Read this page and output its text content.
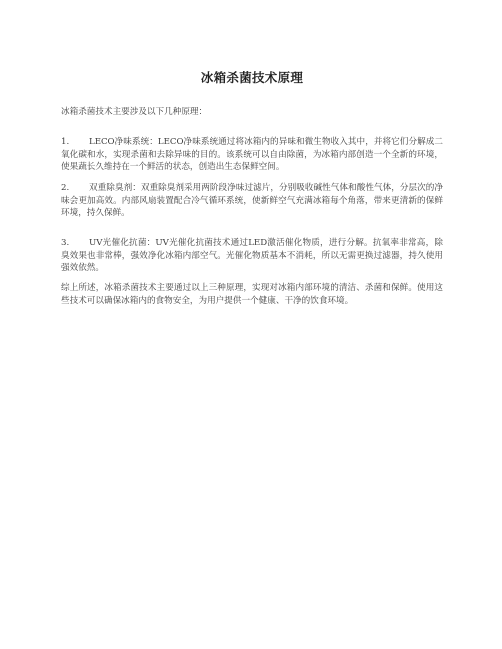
冰箱杀菌技术原理

冰箱杀菌技术主要涉及以下几种原理：

1. LECO净味系统：LECO净味系统通过将冰箱内的异味和微生物收入其中，并将它们分解成二氧化碳和水，实现杀菌和去除异味的目的。该系统可以自由除菌，为冰箱内部创造一个全新的环境，使果蔬长久维持在一个鲜活的状态，创造出生态保鲜空间。

2. 双重除臭剂：双重除臭剂采用两阶段净味过滤片，分别吸收碱性气体和酸性气体，分层次的净味会更加高效。内部风扇装置配合冷气循环系统，使新鲜空气充满冰箱每个角落，带来更清新的保鲜环境，持久保鲜。

3. UV光催化抗菌：UV光催化抗菌技术通过LED激活催化物质，进行分解。抗氧率非常高，除臭效果也非常棒，强效净化冰箱内部空气。光催化物质基本不消耗，所以无需更换过滤器，持久使用强效依然。

综上所述，冰箱杀菌技术主要通过以上三种原理，实现对冰箱内部环境的清洁、杀菌和保鲜。使用这些技术可以确保冰箱内的食物安全，为用户提供一个健康、干净的饮食环境。
